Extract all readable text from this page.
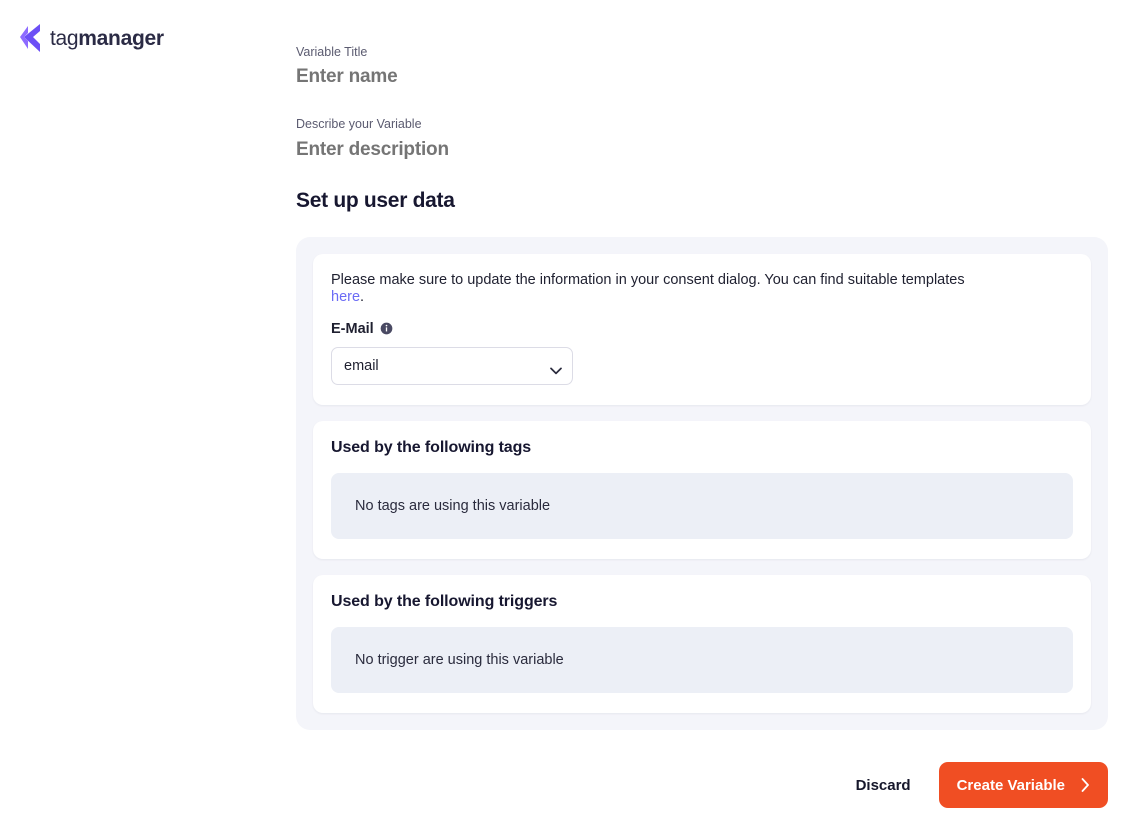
tagmanager
Variable Title
Enter name
Describe your Variable
Enter description
Set up user data

Please make sure to update the information in your consent dialog. You can find suitable templates here.

E-Mail
email
Used by the following tags
No tags are using this variable
Used by the following triggers
No trigger are using this variable
Discard	Create Variable
